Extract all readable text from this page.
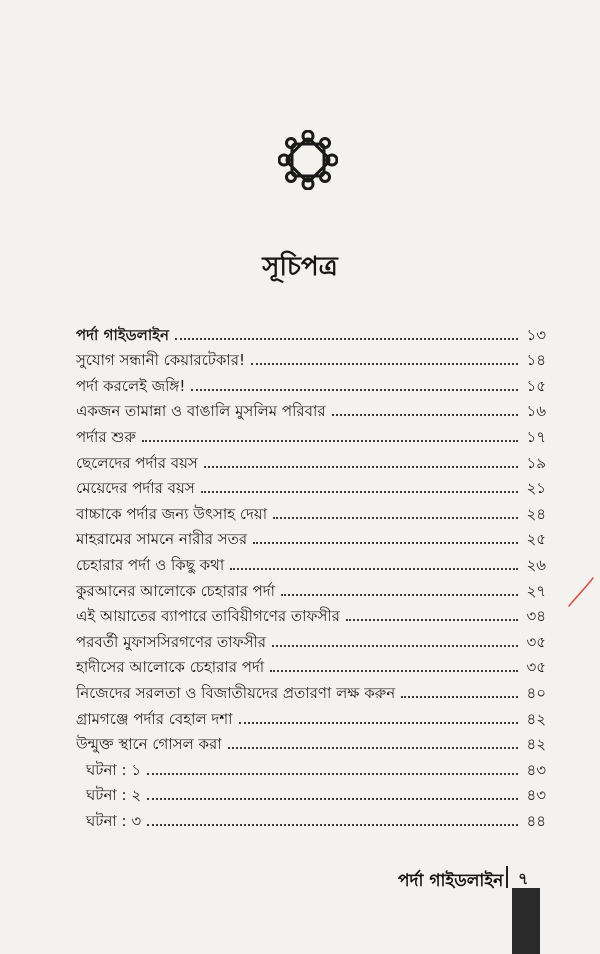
সূচিপত্র
পর্দা গাইডলাইন	১৩
সুযোগ সন্ধানী কেয়ারটেকার!	১৪
পর্দা করলেই জঙ্গি!	১৫
একজন তামান্না ও বাঙালি মুসলিম পরিবার	১৬
পর্দার শুরু	১৭
ছেলেদের পর্দার বয়স	১৯
মেয়েদের পর্দার বয়স	২১
বাচ্চাকে পর্দার জন্য উৎসাহ দেয়া	২৪
মাহরামের সামনে নারীর সতর	২৫
চেহারার পর্দা ও কিছু কথা	২৬
কুরআনের আলোকে চেহারার পর্দা	২৭
এই আয়াতের ব্যাপারে তাবিয়ীগণের তাফসীর	৩৪
পরবর্তী মুফাসসিরগণের তাফসীর	৩৫
হাদীসের আলোকে চেহারার পর্দা	৩৫
নিজেদের সরলতা ও বিজাতীয়দের প্রতারণা লক্ষ করুন	৪০
গ্রামগঞ্জে পর্দার বেহাল দশা	৪২
উন্মুক্ত স্থানে গোসল করা	৪২
ঘটনা : ১	৪৩
ঘটনা : ২	৪৩
ঘটনা : ৩	৪৪
পর্দা গাইডলাইন ৭
